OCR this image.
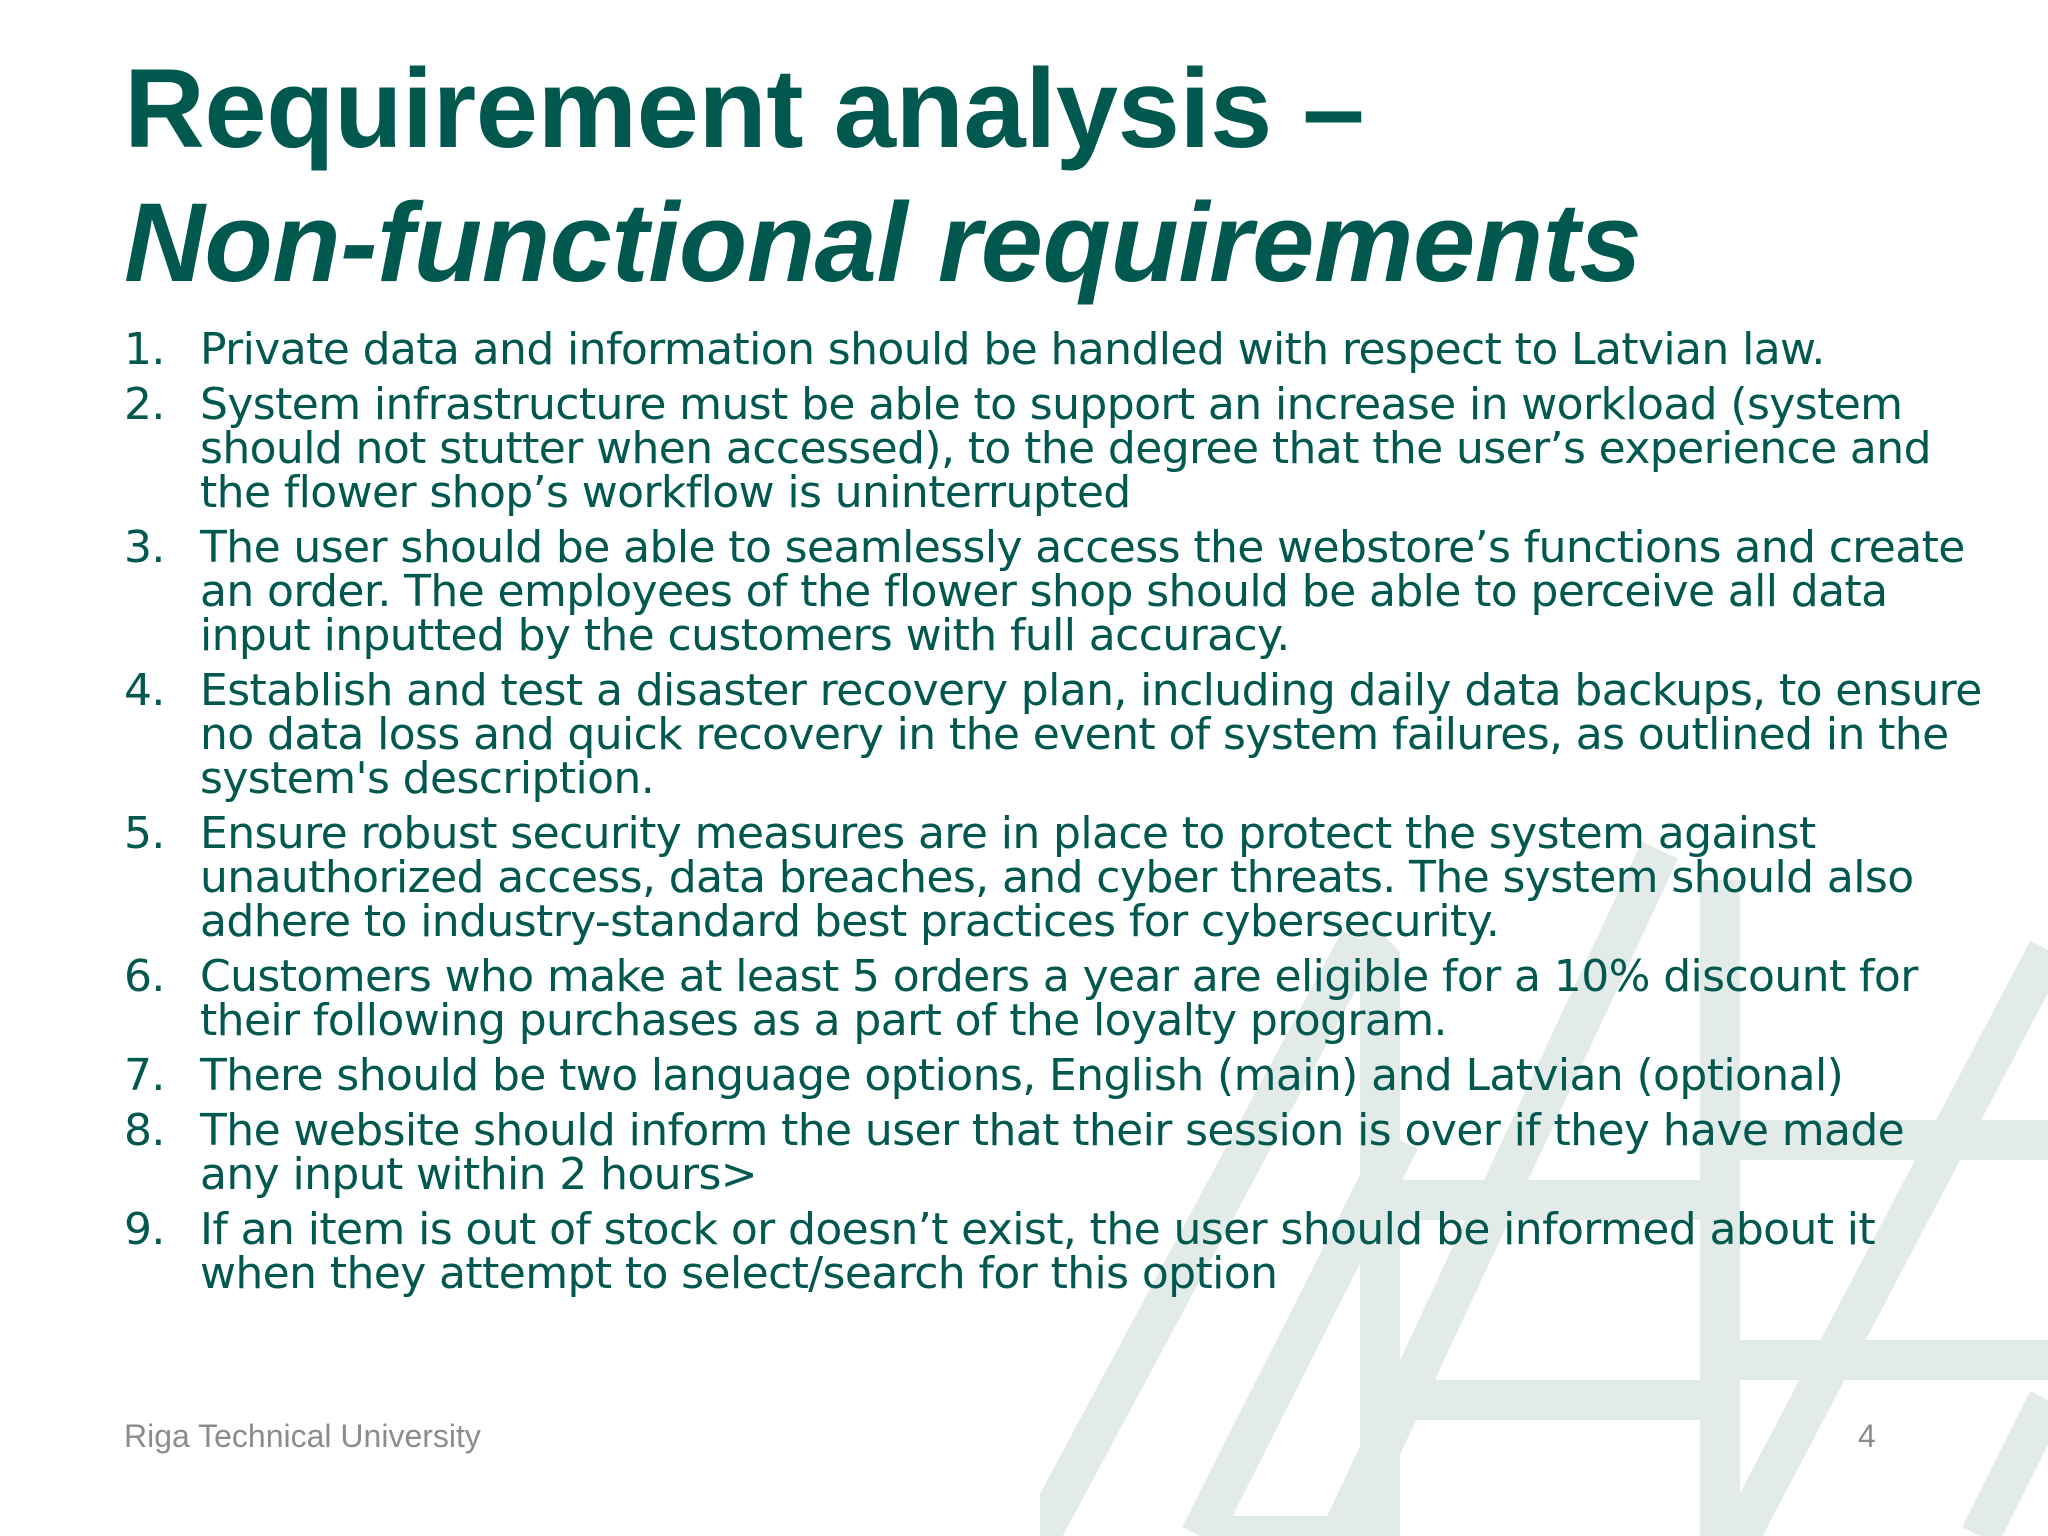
Requirement analysis –
Non-functional requirements
1. Private data and information should be handled with respect to Latvian law.
2. System infrastructure must be able to support an increase in workload (system should not stutter when accessed), to the degree that the user’s experience and the flower shop’s workflow is uninterrupted
3. The user should be able to seamlessly access the webstore’s functions and create an order. The employees of the flower shop should be able to perceive all data input inputted by the customers with full accuracy.
4. Establish and test a disaster recovery plan, including daily data backups, to ensure no data loss and quick recovery in the event of system failures, as outlined in the system's description.
5. Ensure robust security measures are in place to protect the system against unauthorized access, data breaches, and cyber threats. The system should also adhere to industry-standard best practices for cybersecurity.
6. Customers who make at least 5 orders a year are eligible for a 10% discount for their following purchases as a part of the loyalty program.
7. There should be two language options, English (main) and Latvian (optional)
8. The website should inform the user that their session is over if they have made any input within 2 hours>
9. If an item is out of stock or doesn’t exist, the user should be informed about it when they attempt to select/search for this option
Riga Technical University	4
